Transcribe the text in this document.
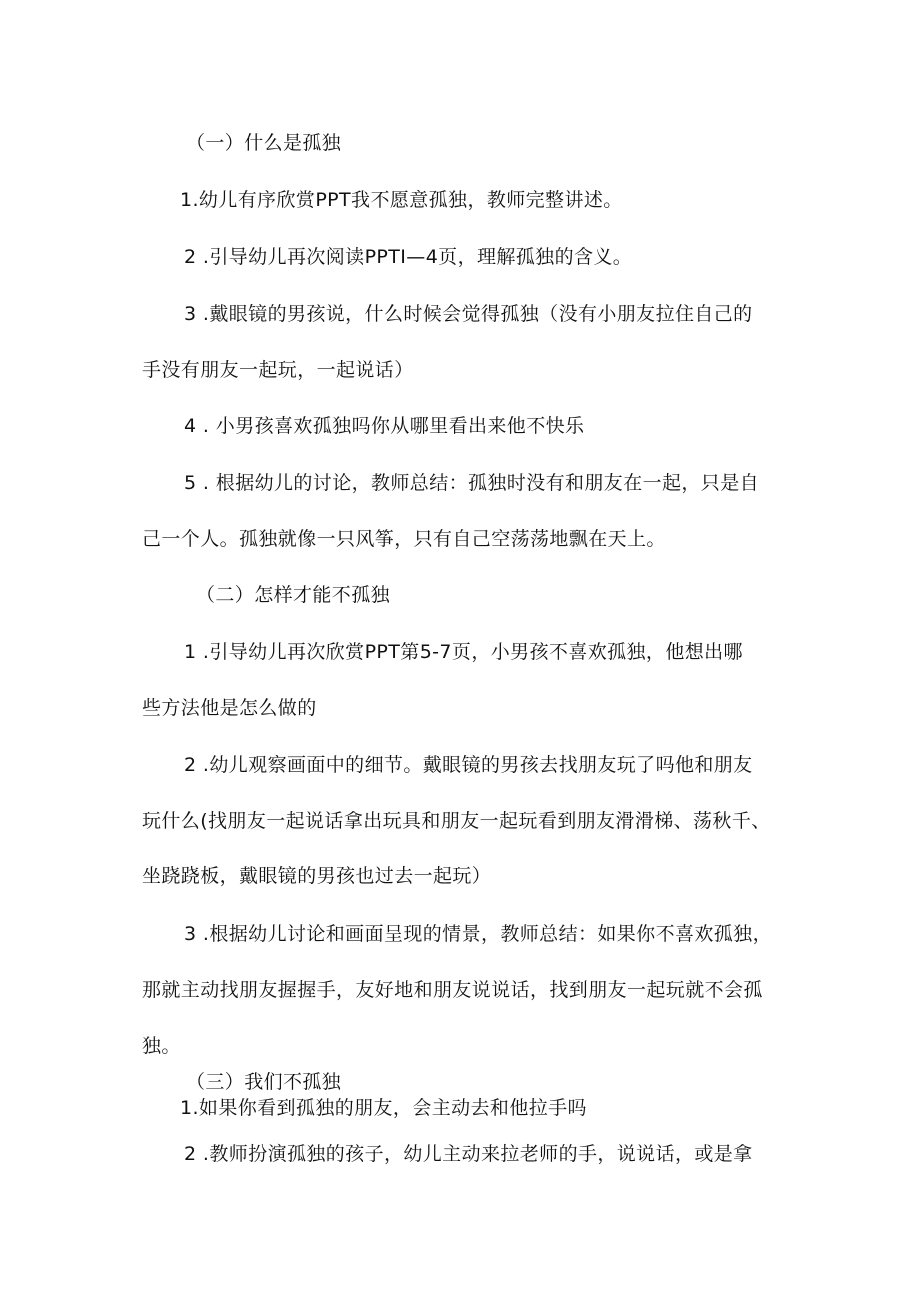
（一）什么是孤独
1.幼儿有序欣赏PPT我不愿意孤独，教师完整讲述。
2 .引导幼儿再次阅读PPTI—4页，理解孤独的含义。
3 .戴眼镜的男孩说，什么时候会觉得孤独（没有小朋友拉住自己的
手没有朋友一起玩，一起说话）
4 . 小男孩喜欢孤独吗你从哪里看出来他不快乐
5 . 根据幼儿的讨论，教师总结：孤独时没有和朋友在一起，只是自
己一个人。孤独就像一只风筝，只有自己空荡荡地飘在天上。
（二）怎样才能不孤独
1 .引导幼儿再次欣赏PPT第5-7页，小男孩不喜欢孤独，他想出哪
些方法他是怎么做的
2 .幼儿观察画面中的细节。戴眼镜的男孩去找朋友玩了吗他和朋友
玩什么(找朋友一起说话拿出玩具和朋友一起玩看到朋友滑滑梯、荡秋千、
坐跷跷板，戴眼镜的男孩也过去一起玩）
3 .根据幼儿讨论和画面呈现的情景，教师总结：如果你不喜欢孤独，
那就主动找朋友握握手，友好地和朋友说说话，找到朋友一起玩就不会孤
独。
（三）我们不孤独
1.如果你看到孤独的朋友，会主动去和他拉手吗
2 .教师扮演孤独的孩子，幼儿主动来拉老师的手，说说话，或是拿
